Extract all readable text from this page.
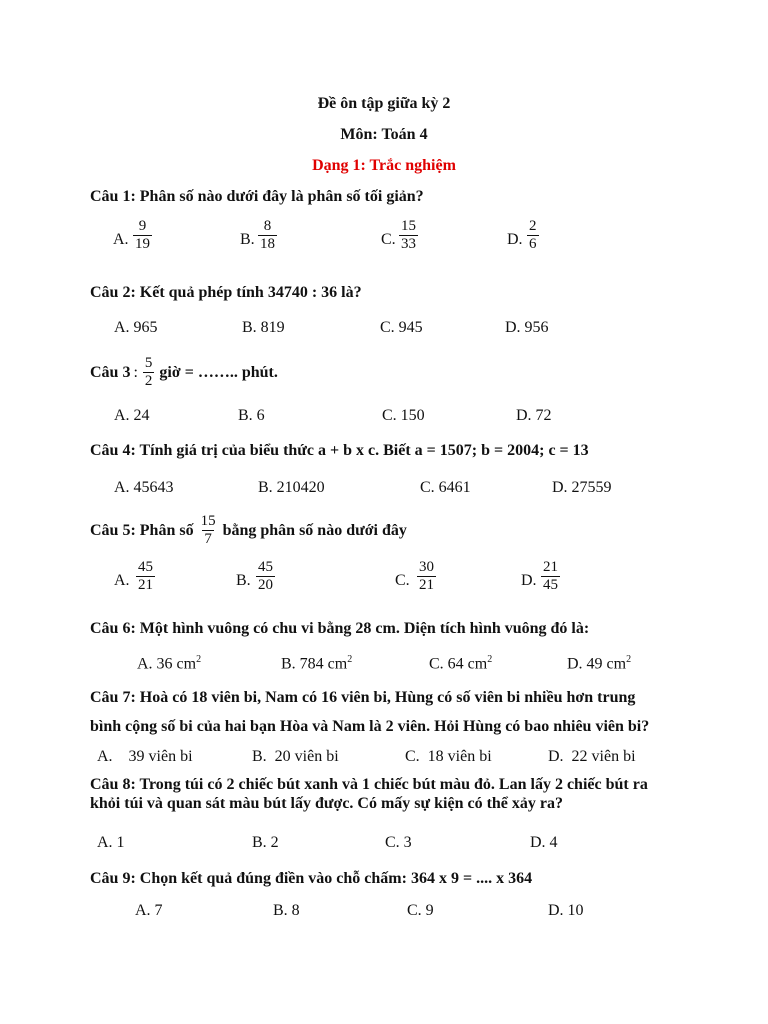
Đề ôn tập giữa kỳ 2
Môn: Toán 4
Dạng 1: Trắc nghiệm
Câu 1: Phân số nào dưới đây là phân số tối giản?
A. $\frac{9}{19}$	B. $\frac{8}{18}$	C. $\frac{15}{33}$	D. $\frac{2}{6}$
Câu 2: Kết quả phép tính 34740 : 36 là?
A. 965	B. 819	C. 945	D. 956
Câu 3 : $\frac{5}{2}$ giờ = …….. phút.
A. 24	B. 6	C. 150	D. 72
Câu 4: Tính giá trị của biểu thức a + b x c. Biết a = 1507; b = 2004; c = 13
A. 45643	B. 210420	C. 6461	D. 27559
Câu 5: Phân số $\frac{15}{7}$ bằng phân số nào dưới đây
A. $\frac{45}{21}$	B. $\frac{45}{20}$	C. $\frac{30}{21}$	D. $\frac{21}{45}$
Câu 6: Một hình vuông có chu vi bằng 28 cm. Diện tích hình vuông đó là:
A. 36 $cm^2$	B. 784 $cm^2$	C. 64 $cm^2$	D. 49 $cm^2$
Câu 7: Hoà có 18 viên bi, Nam có 16 viên bi, Hùng có số viên bi nhiều hơn trung
bình cộng số bi của hai bạn Hòa và Nam là 2 viên. Hỏi Hùng có bao nhiêu viên bi?
A.    39 viên bi	B.  20 viên bi	C.  18 viên bi	D.  22 viên bi
Câu 8: Trong túi có 2 chiếc bút xanh và 1 chiếc bút màu đỏ. Lan lấy 2 chiếc bút ra
khỏi túi và quan sát màu bút lấy được. Có mấy sự kiện có thể xảy ra?
A. 1	B. 2	C. 3	D. 4
Câu 9: Chọn kết quả đúng điền vào chỗ chấm: 364 x 9 = .... x 364
A. 7	B. 8	C. 9	D. 10
